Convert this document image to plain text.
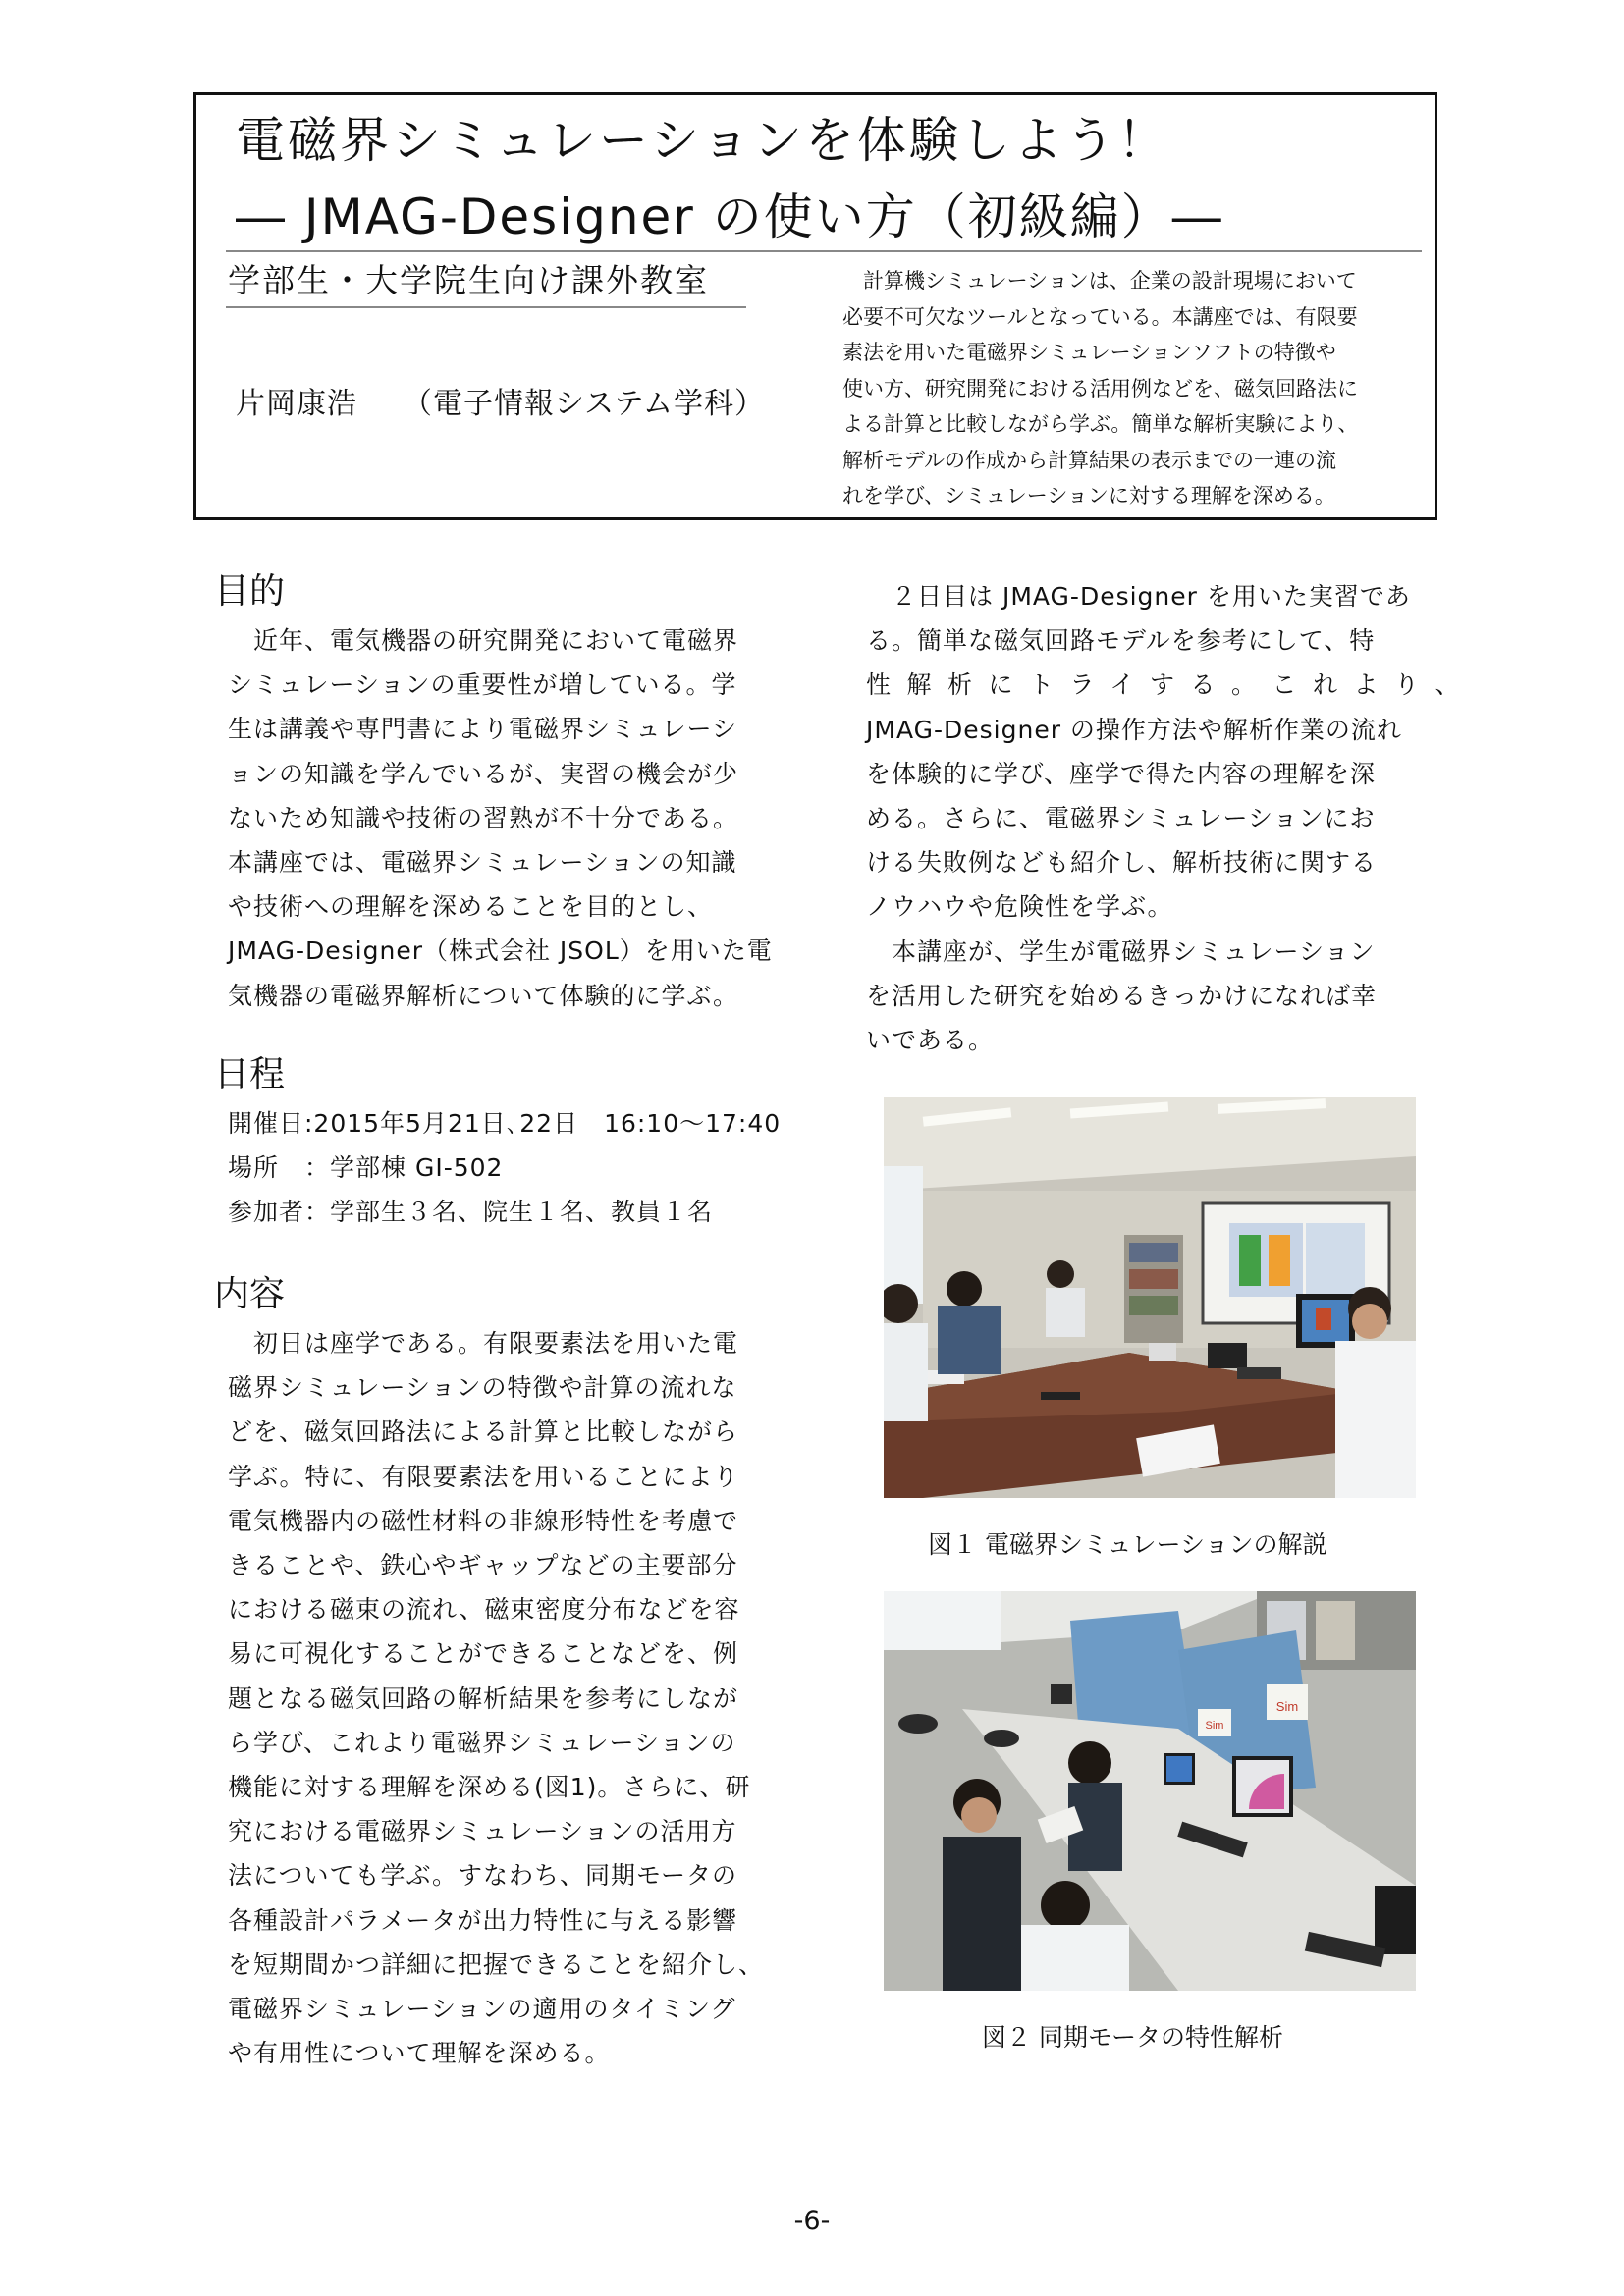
電磁界シミュレーションを体験しよう！
― JMAG-Designer の使い方（初級編）―
学部生・大学院生向け課外教室
片岡康浩 （電子情報システム学科）
　計算機シミュレーションは、企業の設計現場において
必要不可欠なツールとなっている。本講座では、有限要
素法を用いた電磁界シミュレーションソフトの特徴や
使い方、研究開発における活用例などを、磁気回路法に
よる計算と比較しながら学ぶ。簡単な解析実験により、
解析モデルの作成から計算結果の表示までの一連の流
れを学び、シミュレーションに対する理解を深める。
目的
　近年、電気機器の研究開発において電磁界
シミュレーションの重要性が増している。学
生は講義や専門書により電磁界シミュレーシ
ョンの知識を学んでいるが、実習の機会が少
ないため知識や技術の習熟が不十分である。
本講座では、電磁界シミュレーションの知識
や技術への理解を深めることを目的とし、
JMAG-Designer（株式会社 JSOL）を用いた電
気機器の電磁界解析について体験的に学ぶ。
日程
開催日:2015年5月21日､22日　16:10～17:40
場所　：学部棟 GI-502
参加者：学部生３名、院生１名、教員１名
内容
　初日は座学である。有限要素法を用いた電
磁界シミュレーションの特徴や計算の流れな
どを、磁気回路法による計算と比較しながら
学ぶ。特に、有限要素法を用いることにより
電気機器内の磁性材料の非線形特性を考慮で
きることや、鉄心やギャップなどの主要部分
における磁束の流れ、磁束密度分布などを容
易に可視化することができることなどを、例
題となる磁気回路の解析結果を参考にしなが
ら学び、これより電磁界シミュレーションの
機能に対する理解を深める(図1)。さらに、研
究における電磁界シミュレーションの活用方
法についても学ぶ。すなわち、同期モータの
各種設計パラメータが出力特性に与える影響
を短期間かつ詳細に把握できることを紹介し、
電磁界シミュレーションの適用のタイミング
や有用性について理解を深める。
　２日目は JMAG-Designer を用いた実習であ
る。簡単な磁気回路モデルを参考にして、特
性解析にトライする。これより、
JMAG-Designer の操作方法や解析作業の流れ
を体験的に学び、座学で得た内容の理解を深
める。さらに、電磁界シミュレーションにお
ける失敗例なども紹介し、解析技術に関する
ノウハウや危険性を学ぶ。
　本講座が、学生が電磁界シミュレーション
を活用した研究を始めるきっかけになれば幸
いである。
図１ 電磁界シミュレーションの解説
Sim
Sim
図２ 同期モータの特性解析
-6-
